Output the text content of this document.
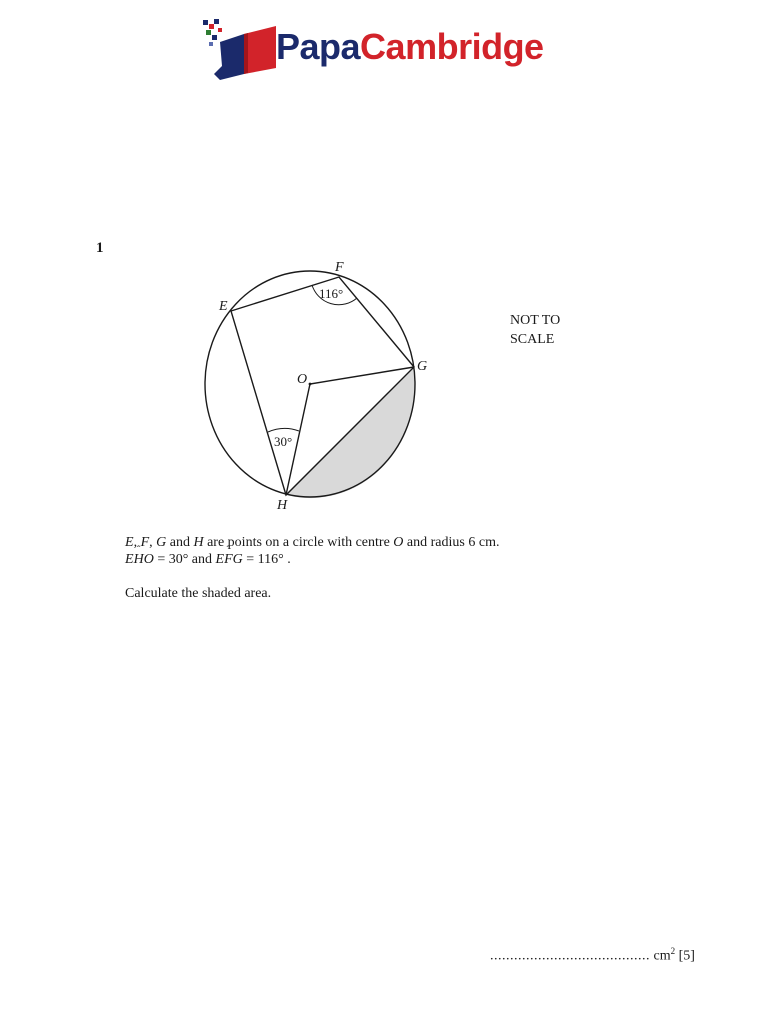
PapaCambridge
1
F
E
G
O
H
116°
30°
NOT TO
SCALE
E, F, G and H are points on a circle with centre O and radius 6 cm.
Eˆ HO = 30° and Eˆ FG = 116° .
Calculate the shaded area.
........................................ $cm^2$ [5]
